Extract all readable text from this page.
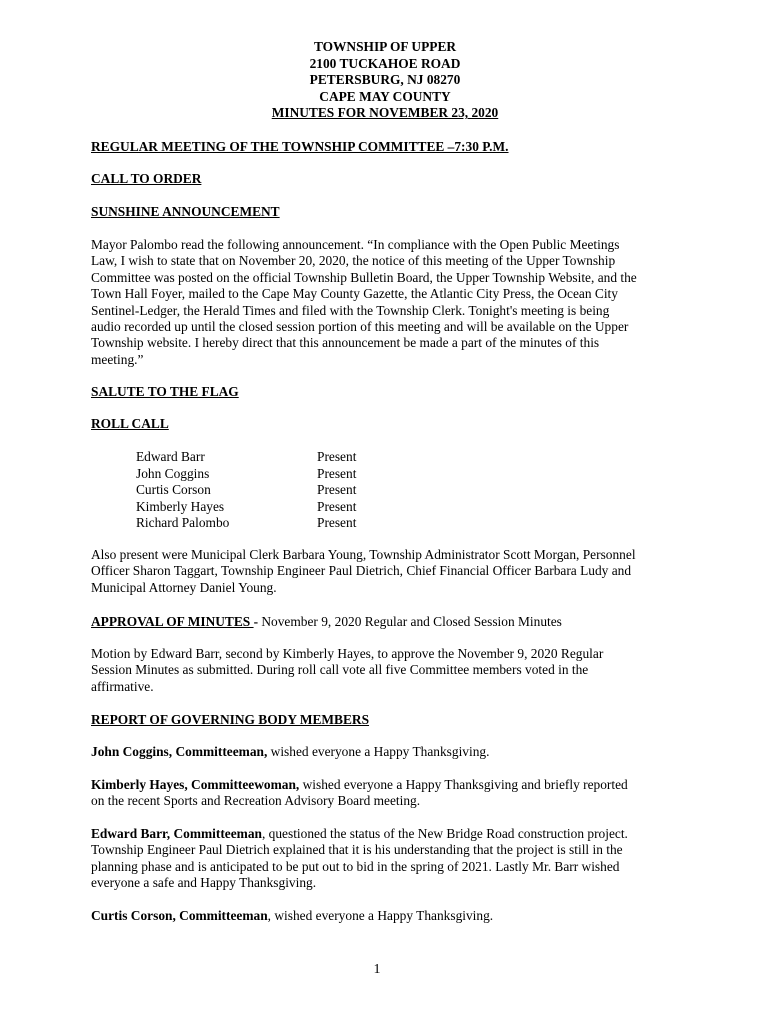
TOWNSHIP OF UPPER
2100 TUCKAHOE ROAD
PETERSBURG, NJ 08270
CAPE MAY COUNTY
MINUTES FOR NOVEMBER 23, 2020
REGULAR MEETING OF THE TOWNSHIP COMMITTEE –7:30 P.M.
CALL TO ORDER
SUNSHINE ANNOUNCEMENT
Mayor Palombo read the following announcement. “In compliance with the Open Public Meetings
Law, I wish to state that on November 20, 2020, the notice of this meeting of the Upper Township
Committee was posted on the official Township Bulletin Board, the Upper Township Website, and the
Town Hall Foyer, mailed to the Cape May County Gazette, the Atlantic City Press, the Ocean City
Sentinel-Ledger, the Herald Times and filed with the Township Clerk. Tonight's meeting is being
audio recorded up until the closed session portion of this meeting and will be available on the Upper
Township website. I hereby direct that this announcement be made a part of the minutes of this
meeting.”
SALUTE TO THE FLAG
ROLL CALL
Edward Barr	Present
John Coggins	Present
Curtis Corson	Present
Kimberly Hayes	Present
Richard Palombo	Present
Also present were Municipal Clerk Barbara Young, Township Administrator Scott Morgan, Personnel
Officer Sharon Taggart, Township Engineer Paul Dietrich, Chief Financial Officer Barbara Ludy and
Municipal Attorney Daniel Young.
APPROVAL OF MINUTES - November 9, 2020 Regular and Closed Session Minutes
Motion by Edward Barr, second by Kimberly Hayes, to approve the November 9, 2020 Regular
Session Minutes as submitted. During roll call vote all five Committee members voted in the
affirmative.
REPORT OF GOVERNING BODY MEMBERS
John Coggins, Committeeman, wished everyone a Happy Thanksgiving.
Kimberly Hayes, Committeewoman, wished everyone a Happy Thanksgiving and briefly reported
on the recent Sports and Recreation Advisory Board meeting.
Edward Barr, Committeeman, questioned the status of the New Bridge Road construction project.
Township Engineer Paul Dietrich explained that it is his understanding that the project is still in the
planning phase and is anticipated to be put out to bid in the spring of 2021. Lastly Mr. Barr wished
everyone a safe and Happy Thanksgiving.
Curtis Corson, Committeeman, wished everyone a Happy Thanksgiving.
1
